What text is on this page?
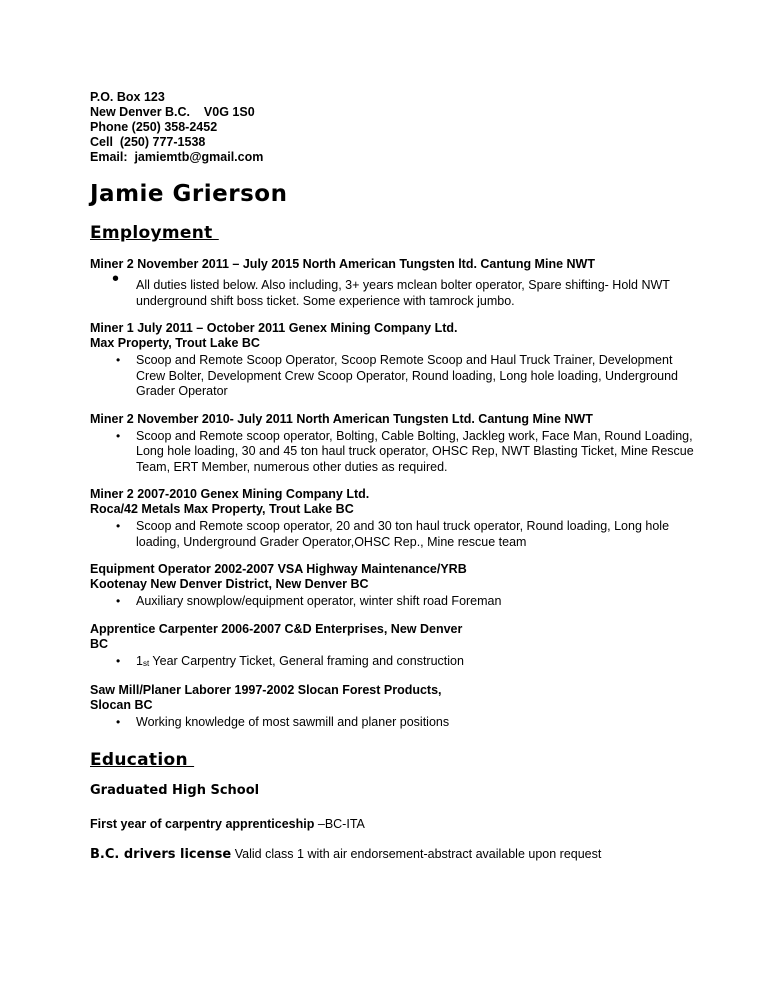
P.O. Box 123
New Denver B.C.    V0G 1S0
Phone (250) 358-2452
Cell  (250) 777-1538
Email:  jamiemtb@gmail.com
Jamie Grierson
Employment
Miner 2 November 2011 – July 2015 North American Tungsten ltd. Cantung Mine NWT
• All duties listed below. Also including, 3+ years mclean bolter operator, Spare shifting- Hold NWT underground shift boss ticket. Some experience with tamrock jumbo.
Miner 1 July 2011 – October 2011 Genex Mining Company Ltd.
Max Property, Trout Lake BC
• Scoop and Remote Scoop Operator, Scoop Remote Scoop and Haul Truck Trainer, Development Crew Bolter, Development Crew Scoop Operator, Round loading, Long hole loading, Underground Grader Operator
Miner 2 November 2010- July 2011 North American Tungsten Ltd. Cantung Mine NWT
• Scoop and Remote scoop operator, Bolting, Cable Bolting, Jackleg work, Face Man, Round Loading, Long hole loading, 30 and 45 ton haul truck operator, OHSC Rep, NWT Blasting Ticket, Mine Rescue Team, ERT Member, numerous other duties as required.
Miner 2 2007-2010 Genex Mining Company Ltd.
Roca/42 Metals Max Property, Trout Lake BC
• Scoop and Remote scoop operator, 20 and 30 ton haul truck operator, Round loading, Long hole loading, Underground Grader Operator,OHSC Rep., Mine rescue team
Equipment Operator 2002-2007 VSA Highway Maintenance/YRB
Kootenay New Denver District, New Denver BC
• Auxiliary snowplow/equipment operator, winter shift road Foreman
Apprentice Carpenter 2006-2007 C&D Enterprises, New Denver
BC
• 1st Year Carpentry Ticket, General framing and construction
Saw Mill/Planer Laborer 1997-2002 Slocan Forest Products,
Slocan BC
• Working knowledge of most sawmill and planer positions
Education
Graduated High School
First year of carpentry apprenticeship –BC-ITA
B.C. drivers license Valid class 1 with air endorsement-abstract available upon request
